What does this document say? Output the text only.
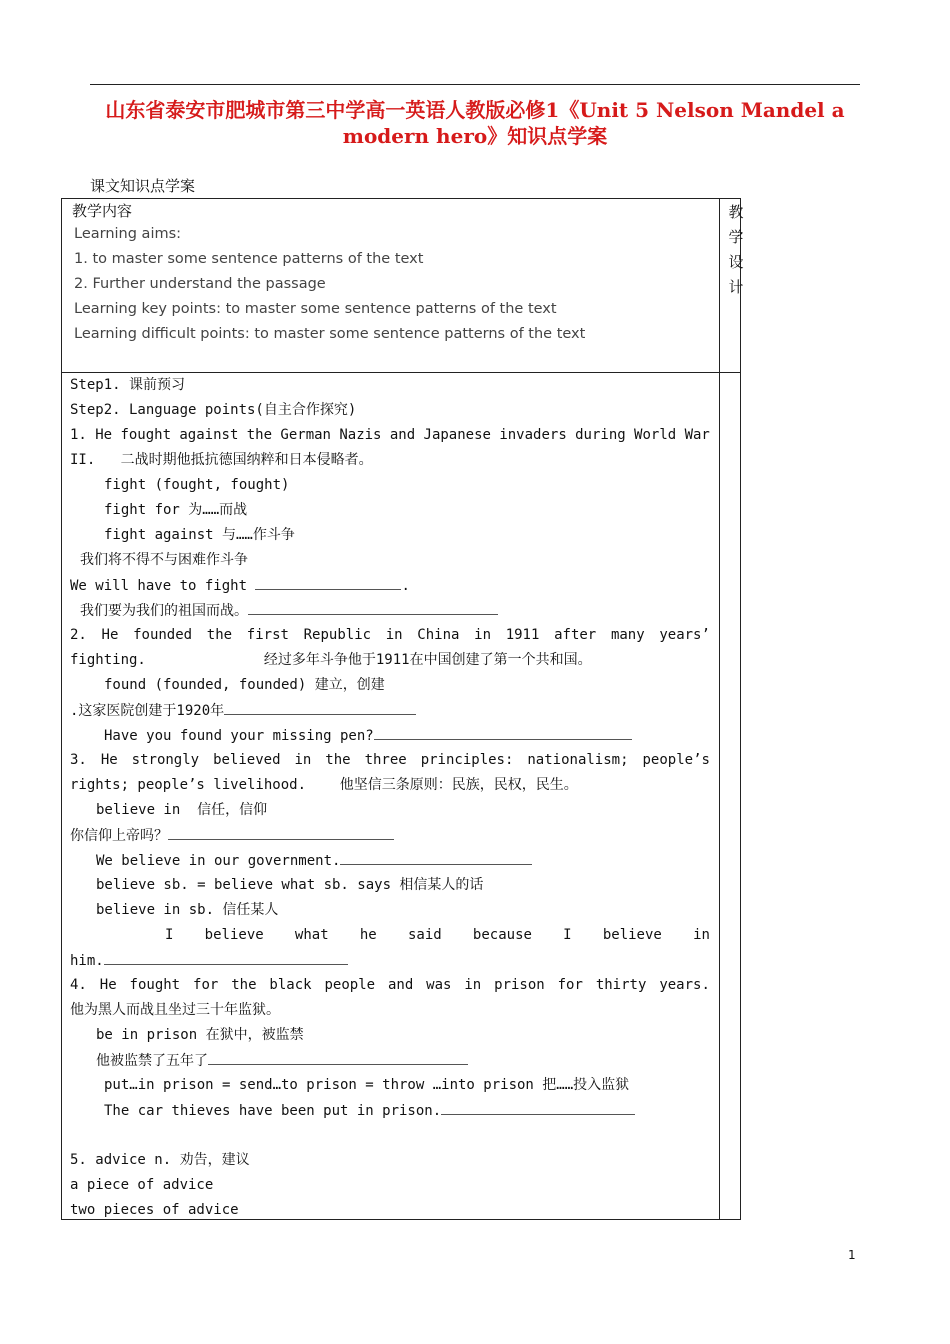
山东省泰安市肥城市第三中学高一英语人教版必修1《Unit 5 Nelson Mandel a
modern hero》知识点学案
课文知识点学案
教
学
设
计
教学内容
Learning aims:
1. to master some sentence patterns of the text
2. Further understand the passage
Learning key points: to master some sentence patterns of the text
Learning difficult points: to master some sentence patterns of the text
Step1. 课前预习
Step2. Language points(自主合作探究)
1. He fought against the German Nazis and Japanese invaders during World War
II.   二战时期他抵抗德国纳粹和日本侵略者。
fight (fought, fought)
fight for 为……而战
fight against 与……作斗争
我们将不得不与困难作斗争
We will have to fight	.
我们要为我们的祖国而战。
2. He founded the first Republic in China in 1911 after many years’
fighting.              经过多年斗争他于1911在中国创建了第一个共和国。
found (founded, founded) 建立，创建
.这家医院创建于1920年
Have you found your missing pen?
3. He strongly believed in the three principles: nationalism; people’s
rights; people’s livelihood.    他坚信三条原则：民族，民权，民生。
believe in  信任，信仰
你信仰上帝吗？
We believe in our government.
believe sb. = believe what sb. says 相信某人的话
believe in sb. 信任某人
I believe what he said because I believe in
him.
4. He fought for the black people and was in prison for thirty years.
他为黑人而战且坐过三十年监狱。
be in prison 在狱中，被监禁
他被监禁了五年了
put…in prison = send…to prison = throw …into prison 把……投入监狱
The car thieves have been put in prison.
5. advice n. 劝告，建议
a piece of advice
two pieces of advice
1
